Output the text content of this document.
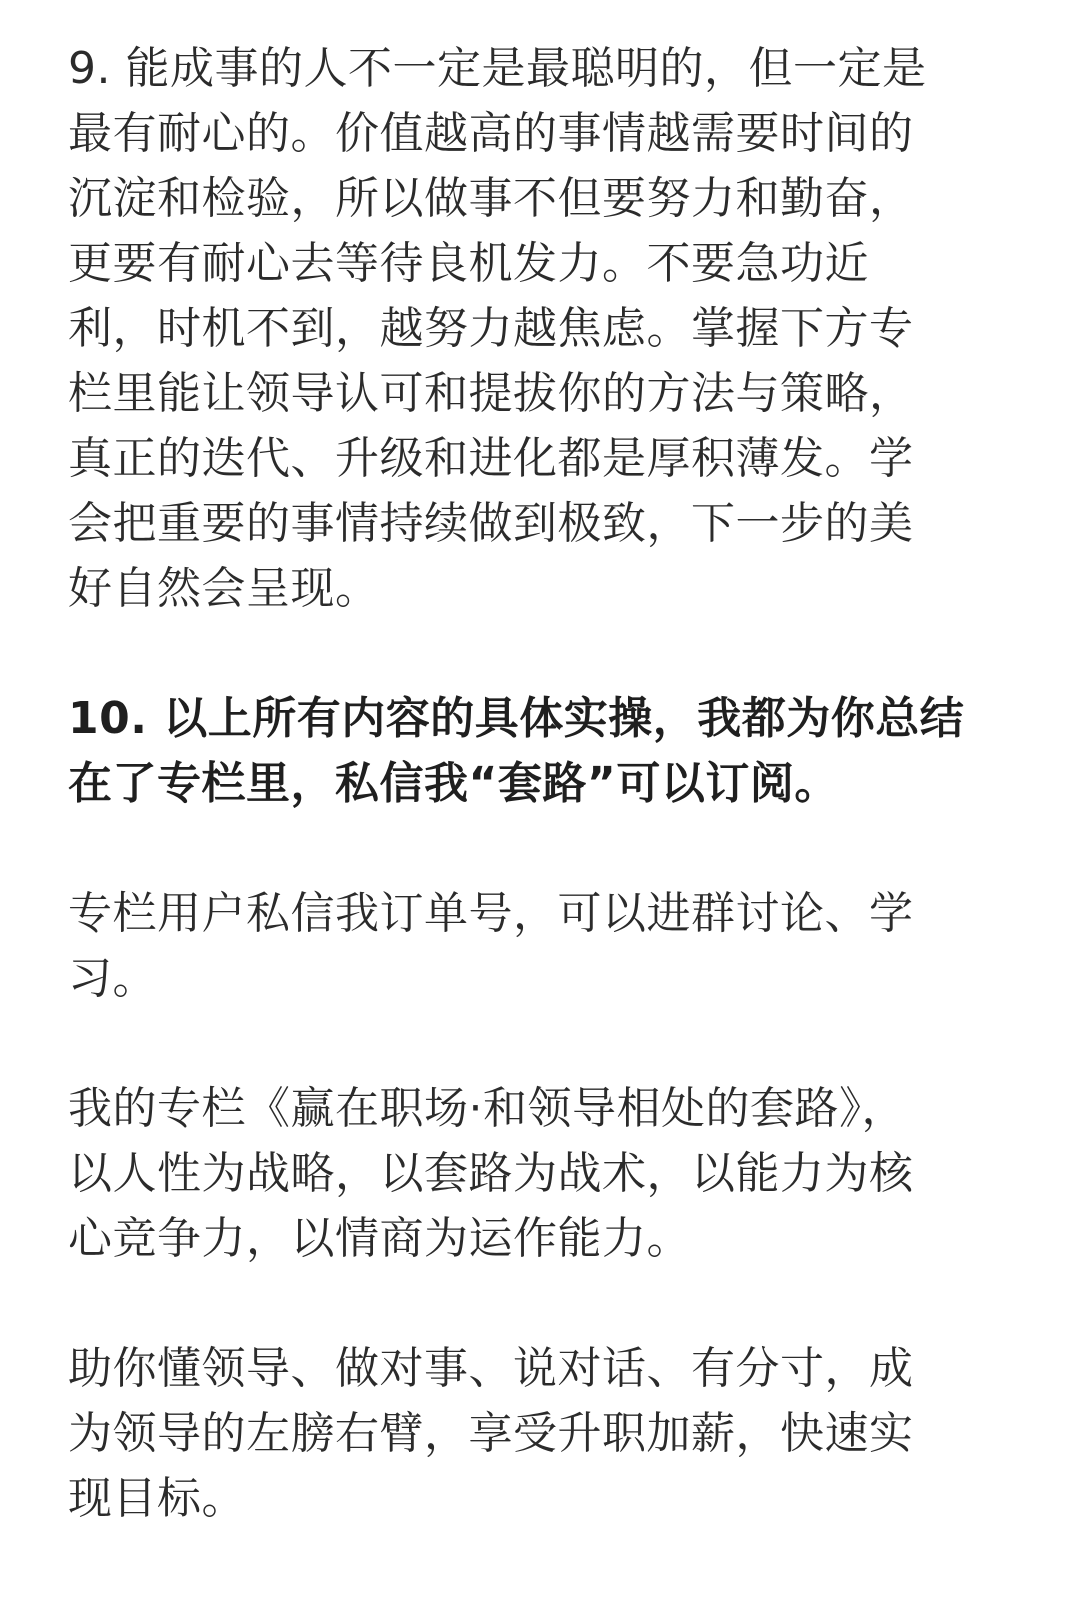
9. 能成事的人不一定是最聪明的，但一定是
最有耐心的。价值越高的事情越需要时间的
沉淀和检验，所以做事不但要努力和勤奋，
更要有耐心去等待良机发力。不要急功近
利，时机不到，越努力越焦虑。掌握下方专
栏里能让领导认可和提拔你的方法与策略，
真正的迭代、升级和进化都是厚积薄发。学
会把重要的事情持续做到极致，下一步的美
好自然会呈现。

10. 以上所有内容的具体实操，我都为你总结
在了专栏里，私信我“套路”可以订阅。

专栏用户私信我订单号，可以进群讨论、学
习。

我的专栏《赢在职场·和领导相处的套路》，
以人性为战略，以套路为战术，以能力为核
心竞争力，以情商为运作能力。

助你懂领导、做对事、说对话、有分寸，成
为领导的左膀右臂，享受升职加薪，快速实
现目标。
